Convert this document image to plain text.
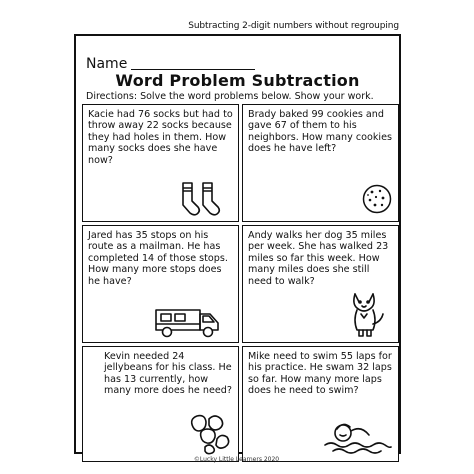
Subtracting 2-digit numbers without regrouping
Name
Word Problem Subtraction
Directions: Solve the word problems below. Show your work.
Kacie had 76 socks but had to throw away 22 socks because they had holes in them. How many socks does she have now?
Brady baked 99 cookies and gave 67 of them to his neighbors. How many cookies does he have left?
Jared has 35 stops on his route as a mailman. He has completed 14 of those stops. How many more stops does he have?
Andy walks her dog 35 miles per week. She has walked 23 miles so far this week. How many miles does she still need to walk?
Kevin needed 24 jellybeans for his class. He has 13 currently, how many more does he need?
Mike need to swim 55 laps for his practice. He swam 32 laps so far. How many more laps does he need to swim?
©Lucky Little Learners 2020
